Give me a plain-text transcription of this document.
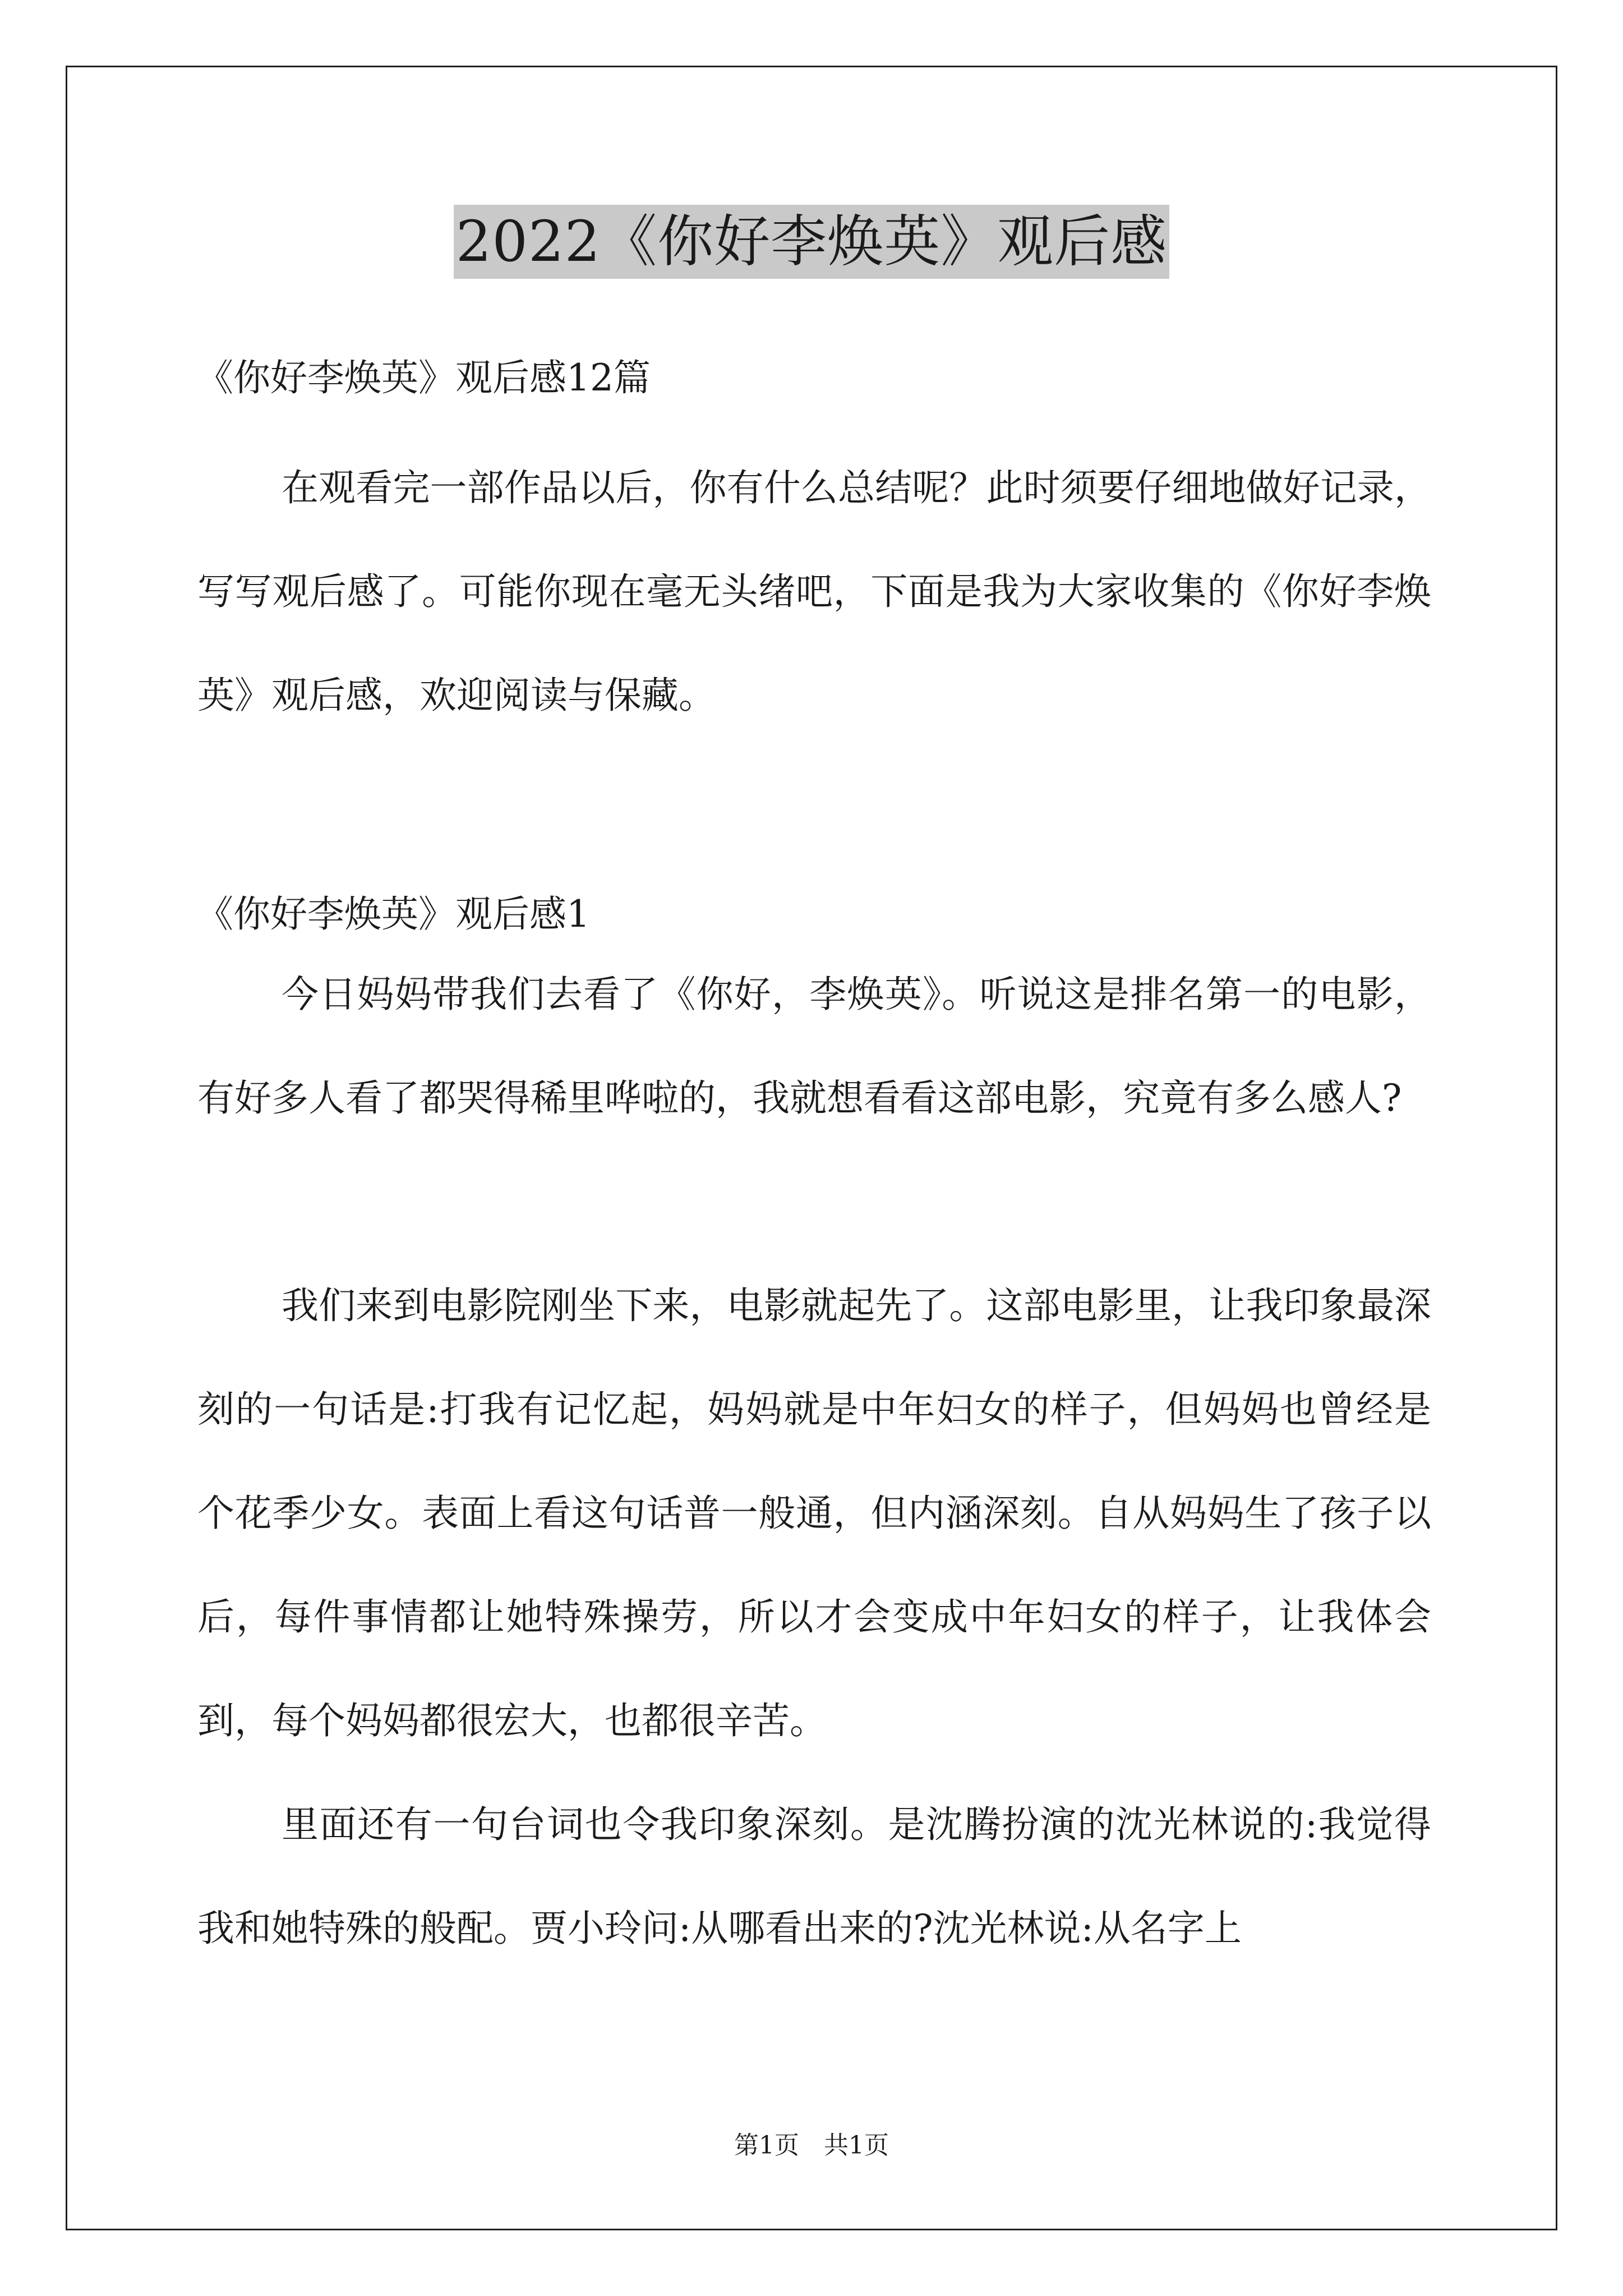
2022《你好李焕英》观后感
《你好李焕英》观后感12篇

在观看完一部作品以后，你有什么总结呢？此时须要仔细地做好记录，写写观后感了。可能你现在毫无头绪吧，下面是我为大家收集的《你好李焕英》观后感，欢迎阅读与保藏。

《你好李焕英》观后感1

今日妈妈带我们去看了《你好，李焕英》。听说这是排名第一的电影，有好多人看了都哭得稀里哗啦的，我就想看看这部电影，究竟有多么感人?

我们来到电影院刚坐下来，电影就起先了。这部电影里，让我印象最深刻的一句话是:打我有记忆起，妈妈就是中年妇女的样子，但妈妈也曾经是个花季少女。表面上看这句话普一般通，但内涵深刻。自从妈妈生了孩子以后，每件事情都让她特殊操劳，所以才会变成中年妇女的样子，让我体会到，每个妈妈都很宏大，也都很辛苦。

里面还有一句台词也令我印象深刻。是沈腾扮演的沈光林说的:我觉得我和她特殊的般配。贾小玲问:从哪看出来的?沈光林说:从名字上

第1页　共1页
